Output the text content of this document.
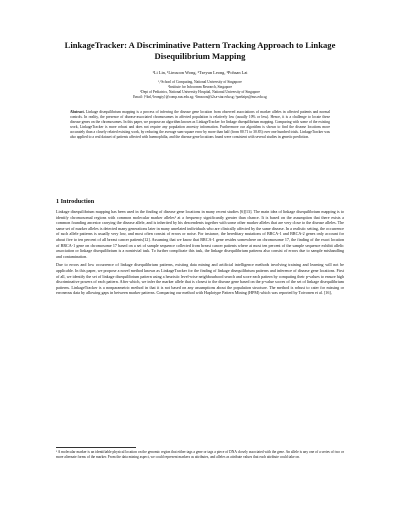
LinkageTracker: A Discriminative Pattern Tracking Approach to Linkage Disequilibrium Mapping
¹Li Lin, ¹Limsoon Wong, ²Tzeyun Leong, ³Pohsan Lai
¹,²School of Computing, National University of Singapore
¹Institute for Infocomm Research, Singapore
³Dept of Pediatrics, National University Hospital, National University of Singapore
Email: {¹linl,²leongty}@comp.nus.edu.sg; ¹limsoon@i2r.a-star.edu.sg; ³paelaips@nus.edu.sg
Abstract. Linkage disequilibrium mapping is a process of inferring the disease gene location from observed associations of marker alleles in affected patients and normal controls. In reality, the presence of disease-associated chromosomes in affected population is relatively low (usually 10% or less). Hence, it is a challenge to locate these disease genes on the chromosomes. In this paper, we propose an algorithm known as LinkageTracker for linkage disequilibrium mapping. Comparing with some of the existing work, LinkageTracker is more robust and does not require any population ancestry information. Furthermore our algorithm is shown to find the disease locations more accurately than a closely related existing work, by reducing the average sum-square error by more than half (from 80.71 to 30.83) over one hundred trials. LinkageTracker was also applied to a real dataset of patients affected with haemophilia, and the disease gene locations found were consistent with several studies in genetic prediction.
1 Introduction

Linkage disequilibrium mapping has been used in the finding of disease gene locations in many recent studies [6][13]. The main idea of linkage disequilibrium mapping is to identify chromosomal regions with common molecular marker alleles¹ at a frequency significantly greater than chance. It is based on the assumption that there exists a common founding ancestor carrying the disease allele, and is inherited by his descendents together with some other marker alleles that are very close to the disease alleles. The same set of marker alleles is detected many generations later in many unrelated individuals who are clinically affected by the same disease. In a realistic setting, the occurrence of such allele patterns is usually very low, and most often consist of errors or noise. For instance, the hereditary mutations of BRCA-1 and BRCA-2 genes only account for about five to ten percent of all breast cancer patients[12]. Assuming that we know that BRCA-1 gene resides somewhere on chromosome 17, the finding of the exact location of BRCA-1 gene on chromosome 17 based on a set of sample sequence collected from breast cancer patients where at most ten percent of the sample sequence exhibit allelic association or linkage disequilibrium is a nontrivial task. To further complicate this task, the linkage disequilibrium patterns also consist of errors due to sample mishandling and contamination.

Due to errors and low occurrence of linkage disequilibrium patterns, existing data mining and artificial intelligence methods involving training and learning will not be applicable. In this paper, we propose a novel method known as LinkageTracker for the finding of linkage disequilibrium patterns and inference of disease gene locations. First of all, we identify the set of linkage disequilibrium pattern using a heuristic level-wise neighbourhood search and score each pattern by computing their p-values to ensure high discriminative powers of each pattern. After which, we infer the marker allele that is closest to the disease gene based on the p-value scores of the set of linkage disequilibrium patterns. LinkageTracker is a nonparametric method in that it is not based on any assumptions about the population structure. The method is robust to cater for missing or erroneous data by allowing gaps in between marker patterns. Comparing our method with Haplotype Pattern Mining (HPM) which was reported by Toivonen et al. [16],

¹ A molecular marker is an identifiable physical location on the genomic region that either tags a gene or tags a piece of DNA closely associated with the gene. An allele is any one of a series of two or more alternate forms of the marker. From the data mining aspect, we could represent markers as attributes, and alleles as attribute values that each attribute could take on.
